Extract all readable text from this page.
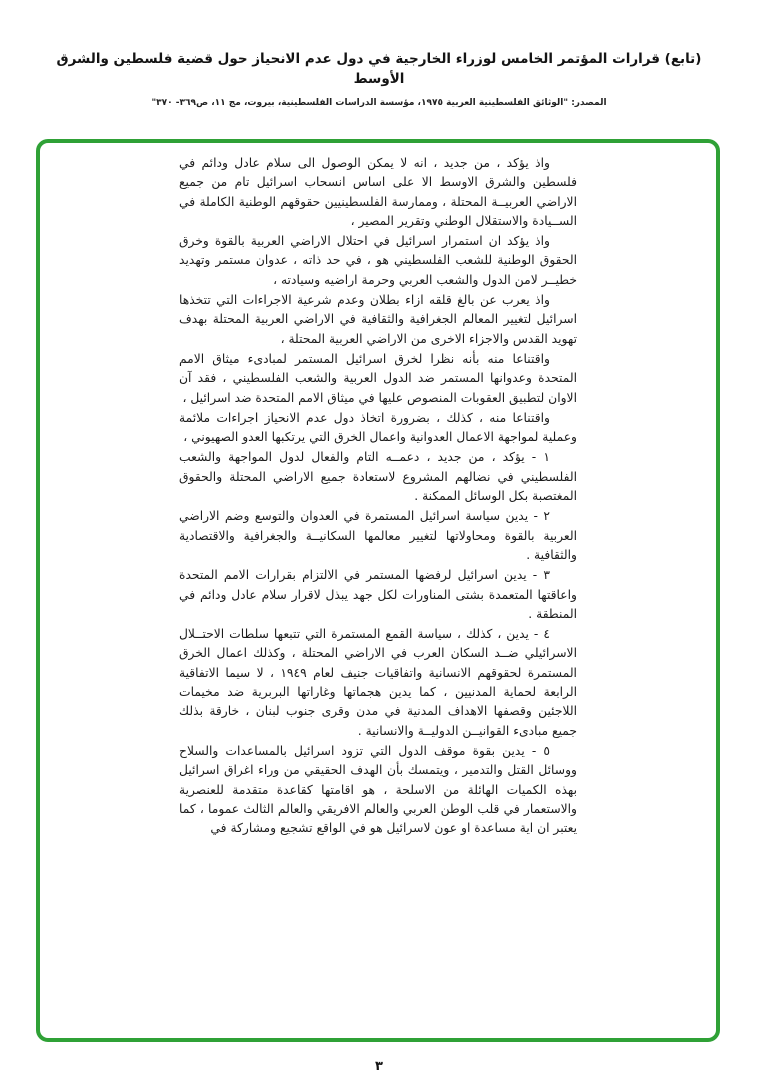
(تابع) قرارات المؤتمر الخامس لوزراء الخارجية في دول عدم الانحياز حول قضية فلسطين والشرق الأوسط
المصدر: "الوثائق الفلسطينية العربية ١٩٧٥، مؤسسة الدراسات الفلسطينية، بيروت، مج ١١، ص٣٦٩- ٣٧٠"

واذ يؤكد ، من جديد ، انه لا يمكن الوصول الى سلام عادل ودائم في فلسطين والشرق الاوسط الا على اساس انسحاب اسرائيل تام من جميع الاراضي العربيــة المحتلة ، وممارسة الفلسطينيين حقوقهم الوطنية الكاملة في الســيادة والاستقلال الوطني وتقرير المصير ،

واذ يؤكد ان استمرار اسرائيل في احتلال الاراضي العربية بالقوة وخرق الحقوق الوطنية للشعب الفلسطيني هو ، في حد ذاته ، عدوان مستمر وتهديد خطيــر لامن الدول والشعب العربي وحرمة اراضيه وسيادته ،

واذ يعرب عن بالغ قلقه ازاء بطلان وعدم شرعية الاجراءات التي تتخذها اسرائيل لتغيير المعالم الجغرافية والثقافية في الاراضي العربية المحتلة بهدف تهويد القدس والاجزاء الاخرى من الاراضي العربية المحتلة ،

واقتناعا منه بأنه نظرا لخرق اسرائيل المستمر لمبادىء ميثاق الامم المتحدة وعدوانها المستمر ضد الدول العربية والشعب الفلسطيني ، فقد آن الاوان لتطبيق العقوبات المنصوص عليها في ميثاق الامم المتحدة ضد اسرائيل ،

واقتناعا منه ، كذلك ، بضرورة اتخاذ دول عدم الانحياز اجراءات ملائمة وعملية لمواجهة الاعمال العدوانية واعمال الخرق التي يرتكبها العدو الصهيوني ،

١ - يؤكد ، من جديد ، دعمــه التام والفعال لدول المواجهة والشعب الفلسطيني في نضالهم المشروع لاستعادة جميع الاراضي المحتلة والحقوق المغتصبة بكل الوسائل الممكنة .

٢ - يدين سياسة اسرائيل المستمرة في العدوان والتوسع وضم الاراضي العربية بالقوة ومحاولاتها لتغيير معالمها السكانيــة والجغرافية والاقتصادية والثقافية .

٣ - يدين اسرائيل لرفضها المستمر في الالتزام بقرارات الامم المتحدة واعاقتها المتعمدة بشتى المناورات لكل جهد يبذل لاقرار سلام عادل ودائم في المنطقة .

٤ - يدين ، كذلك ، سياسة القمع المستمرة التي تتبعها سلطات الاحتــلال الاسرائيلي ضــد السكان العرب في الاراضي المحتلة ، وكذلك اعمال الخرق المستمرة لحقوقهم الانسانية واتفاقيات جنيف لعام ١٩٤٩ ، لا سيما الاتفاقية الرابعة لحماية المدنيين ، كما يدين هجماتها وغاراتها البربرية ضد مخيمات اللاجئين وقصفها الاهداف المدنية في مدن وقرى جنوب لبنان ، خارقة بذلك جميع مبادىء القوانيــن الدوليــة والانسانية .

٥ - يدين بقوة موقف الدول التي تزود اسرائيل بالمساعدات والسلاح ووسائل القتل والتدمير ، ويتمسك بأن الهدف الحقيقي من وراء اغراق اسرائيل بهذه الكميات الهائلة من الاسلحة ، هو اقامتها كقاعدة متقدمة للعنصرية والاستعمار في قلب الوطن العربي والعالم الافريقي والعالم الثالث عموما ، كما يعتبر ان اية مساعدة او عون لاسرائيل هو في الواقع تشجيع ومشاركة في

٣
